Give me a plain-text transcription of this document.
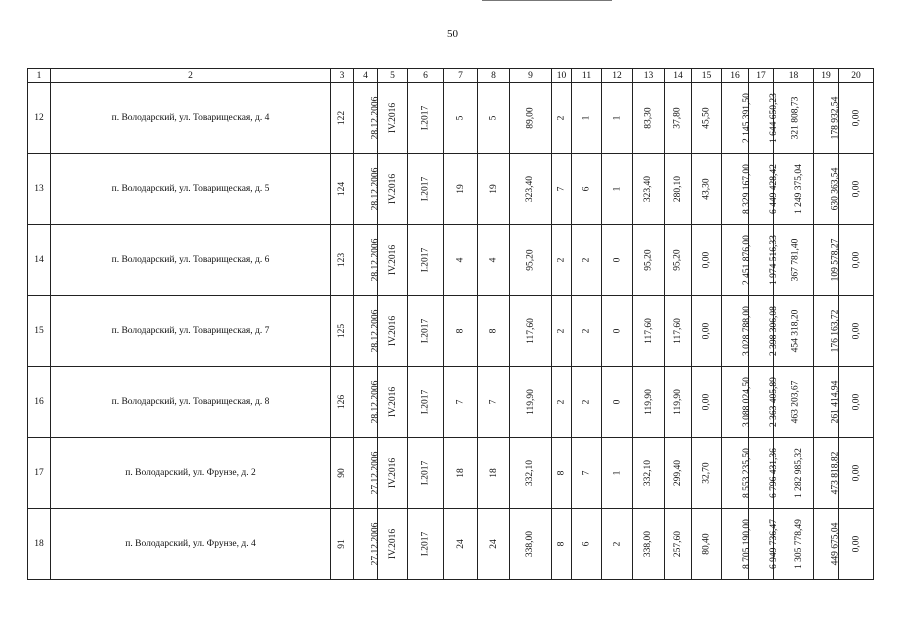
50
1	2	3	4	5	6	7	8	9	10	11	12	13	14	15	16	17	18	19	20
12	п. Володарский, ул. Товарищеская, д. 4	122	28.12.2006	IV.2016	I.2017	5	5	89,00	2	1	1	83,30	37,80	45,50	2 145 391,50	1 644 650,23	321 808,73	178 932,54	0,00
13	п. Володарский, ул. Товарищеская, д. 5	124	28.12.2006	IV.2016	I.2017	19	19	323,40	7	6	1	323,40	280,10	43,30	8 329 167,00	6 449 428,42	1 249 375,04	630 363,54	0,00
14	п. Володарский, ул. Товарищеская, д. 6	123	28.12.2006	IV.2016	I.2017	4	4	95,20	2	2	0	95,20	95,20	0,00	2 451 876,00	1 974 516,33	367 781,40	109 578,27	0,00
15	п. Володарский, ул. Товарищеская, д. 7	125	28.12.2006	IV.2016	I.2017	8	8	117,60	2	2	0	117,60	117,60	0,00	3 028 788,00	2 398 306,08	454 318,20	176 163,72	0,00
16	п. Володарский, ул. Товарищеская, д. 8	126	28.12.2006	IV.2016	I.2017	7	7	119,90	2	2	0	119,90	119,90	0,00	3 088 024,50	2 363 405,89	463 203,67	261 414,94	0,00
17	п. Володарский, ул. Фрунзе, д. 2	90	27.12.2006	IV.2016	I.2017	18	18	332,10	8	7	1	332,10	299,40	32,70	8 553 235,50	6 796 431,36	1 282 985,32	473 818,82	0,00
18	п. Володарский, ул. Фрунзе, д. 4	91	27.12.2006	IV.2016	I.2017	24	24	338,00	8	6	2	338,00	257,60	80,40	8 705 190,00	6 949 736,47	1 305 778,49	449 675,04	0,00
